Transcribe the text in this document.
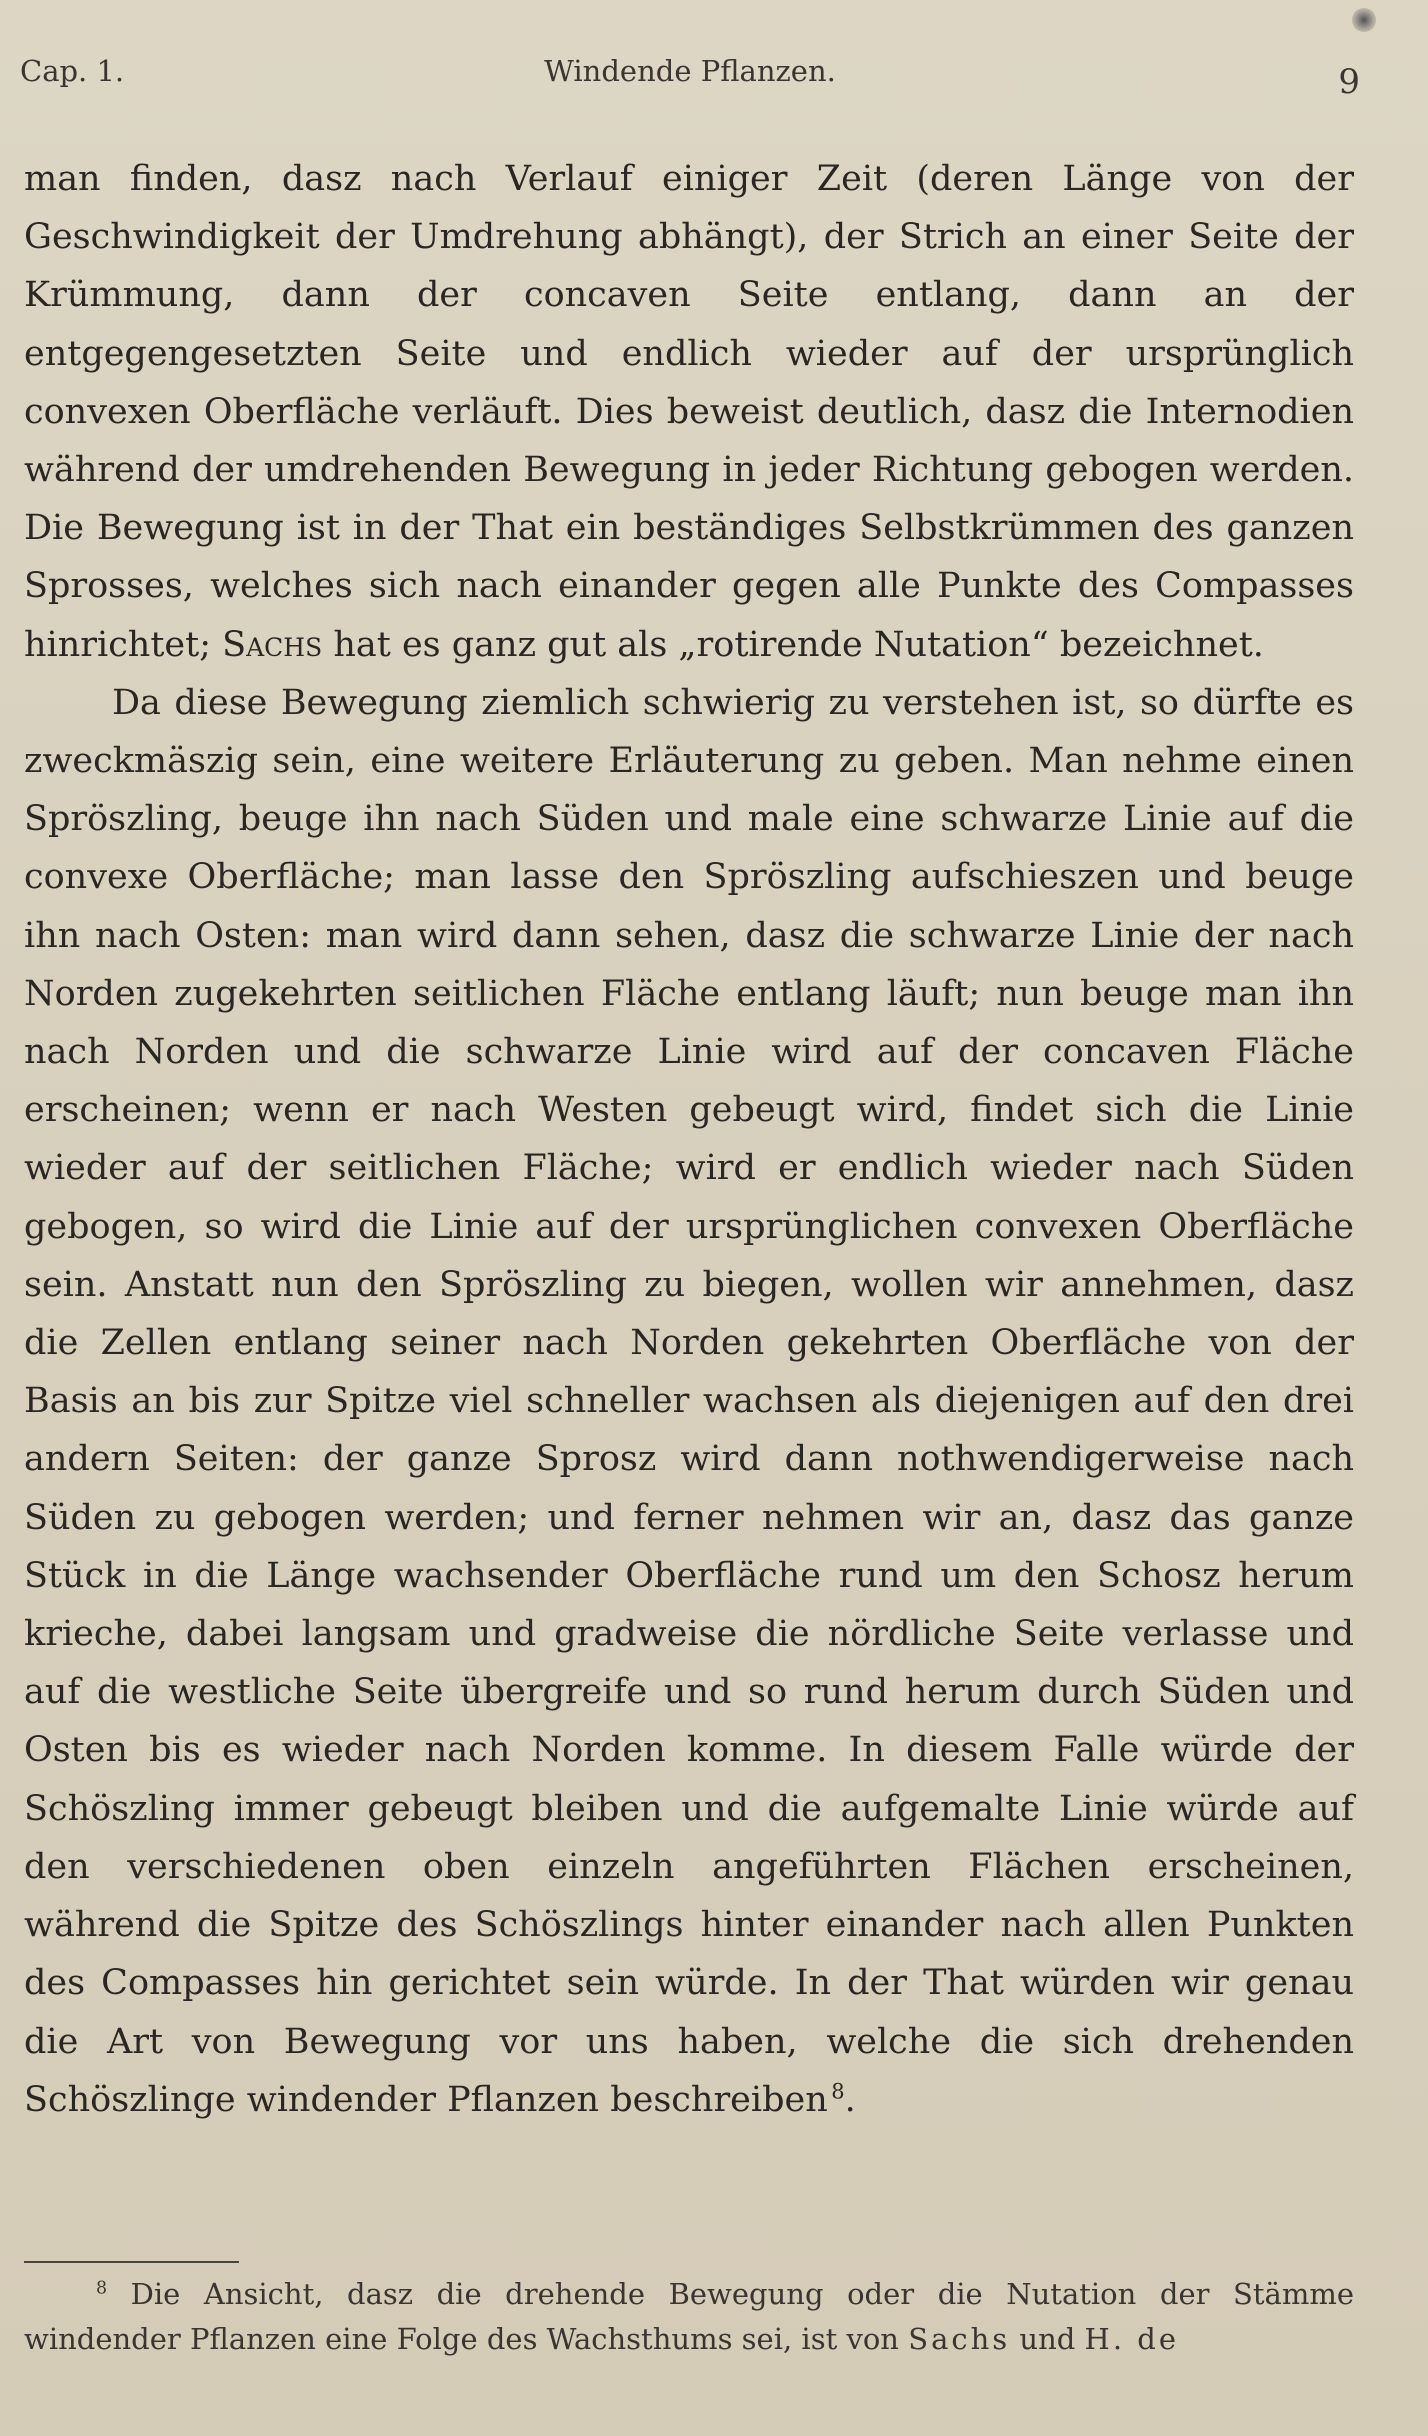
Cap. 1.	Windende Pflanzen.	9

man finden, dasz nach Verlauf einiger Zeit (deren Länge von der Geschwindigkeit der Umdrehung abhängt), der Strich an einer Seite der Krümmung, dann der concaven Seite entlang, dann an der entgegengesetzten Seite und endlich wieder auf der ursprünglich convexen Oberfläche verläuft. Dies beweist deutlich, dasz die Internodien während der umdrehenden Bewegung in jeder Richtung gebogen werden. Die Bewegung ist in der That ein beständiges Selbstkrümmen des ganzen Sprosses, welches sich nach einander gegen alle Punkte des Compasses hinrichtet; Sachs hat es ganz gut als „rotirende Nutation“ bezeichnet.

Da diese Bewegung ziemlich schwierig zu verstehen ist, so dürfte es zweckmäszig sein, eine weitere Erläuterung zu geben. Man nehme einen Spröszling, beuge ihn nach Süden und male eine schwarze Linie auf die convexe Oberfläche; man lasse den Spröszling aufschieszen und beuge ihn nach Osten: man wird dann sehen, dasz die schwarze Linie der nach Norden zugekehrten seitlichen Fläche entlang läuft; nun beuge man ihn nach Norden und die schwarze Linie wird auf der concaven Fläche erscheinen; wenn er nach Westen gebeugt wird, findet sich die Linie wieder auf der seitlichen Fläche; wird er endlich wieder nach Süden gebogen, so wird die Linie auf der ursprünglichen convexen Oberfläche sein. Anstatt nun den Spröszling zu biegen, wollen wir annehmen, dasz die Zellen entlang seiner nach Norden gekehrten Oberfläche von der Basis an bis zur Spitze viel schneller wachsen als diejenigen auf den drei andern Seiten: der ganze Sprosz wird dann nothwendigerweise nach Süden zu gebogen werden; und ferner nehmen wir an, dasz das ganze Stück in die Länge wachsender Oberfläche rund um den Schosz herum krieche, dabei langsam und gradweise die nördliche Seite verlasse und auf die westliche Seite übergreife und so rund herum durch Süden und Osten bis es wieder nach Norden komme. In diesem Falle würde der Schöszling immer gebeugt bleiben und die aufgemalte Linie würde auf den verschiedenen oben einzeln angeführten Flächen erscheinen, während die Spitze des Schöszlings hinter einander nach allen Punkten des Compasses hin gerichtet sein würde. In der That würden wir genau die Art von Bewegung vor uns haben, welche die sich drehenden Schöszlinge windender Pflanzen beschreiben  $^8$.

$^8$ Die Ansicht, dasz die drehende Bewegung oder die Nutation der Stämme windender Pflanzen eine Folge des Wachsthums sei, ist von Sachs und H. de
